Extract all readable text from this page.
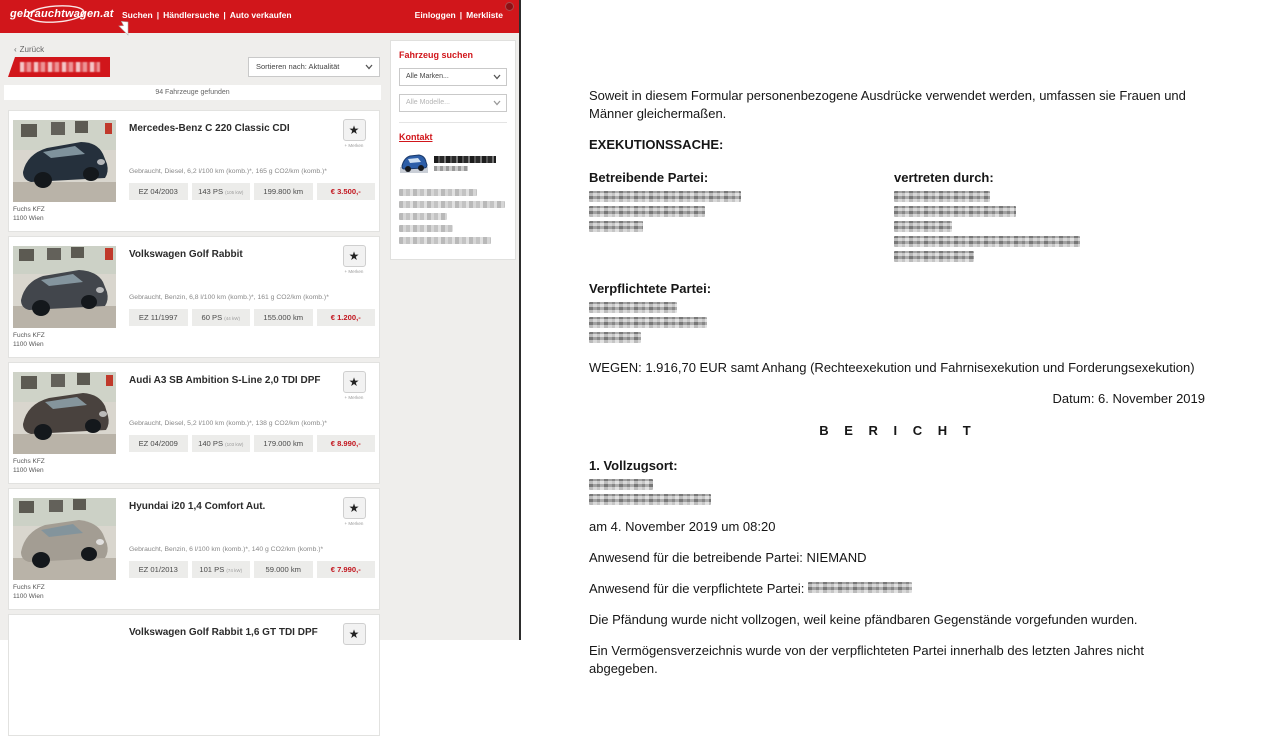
gebrauchtwagen.at Suchen | Händlersuche | Auto verkaufen	Einloggen | Merkliste
‹ Zurück
Sortieren nach: Aktualität
94 Fahrzeuge gefunden
Fuchs KFZ
1100 Wien
Mercedes-Benz C 220 Classic CDI	★
+ Merken
Gebraucht, Diesel, 6,2 l/100 km (komb.)*, 165 g CO2/km (komb.)*
EZ 04/2003	143 PS (105 kW)	199.800 km	€ 3.500,-
Fuchs KFZ
1100 Wien
Volkswagen Golf Rabbit	★
+ Merken
Gebraucht, Benzin, 6,8 l/100 km (komb.)*, 161 g CO2/km (komb.)*
EZ 11/1997	60 PS (44 kW)	155.000 km	€ 1.200,-
Fuchs KFZ
1100 Wien
Audi A3 SB Ambition S-Line 2,0 TDI DPF	★
+ Merken
Gebraucht, Diesel, 5,2 l/100 km (komb.)*, 138 g CO2/km (komb.)*
EZ 04/2009	140 PS (103 kW)	179.000 km	€ 8.990,-
Fuchs KFZ
1100 Wien
Hyundai i20 1,4 Comfort Aut.	★
+ Merken
Gebraucht, Benzin, 6 l/100 km (komb.)*, 140 g CO2/km (komb.)*
EZ 01/2013	101 PS (74 kW)	59.000 km	€ 7.990,-
Volkswagen Golf Rabbit 1,6 GT TDI DPF	★
Fahrzeug suchen
Alle Marken...
Alle Modelle...
Kontakt

Soweit in diesem Formular personenbezogene Ausdrücke verwendet werden, umfassen sie Frauen und Männer gleichermaßen.

EXEKUTIONSSACHE:
Betreibende Partei:	vertreten durch:
Verpflichtete Partei:

WEGEN: 1.916,70 EUR samt Anhang (Rechteexekution und Fahrnisexekution und Forderungsexekution)

Datum: 6. November 2019
B E R I C H T
1. Vollzugsort:

am 4. November 2019 um 08:20

Anwesend für die betreibende Partei: NIEMAND

Anwesend für die verpflichtete Partei:

Die Pfändung wurde nicht vollzogen, weil keine pfändbaren Gegenstände vorgefunden wurden.

Ein Vermögensverzeichnis wurde von der verpflichteten Partei innerhalb des letzten Jahres nicht abgegeben.
